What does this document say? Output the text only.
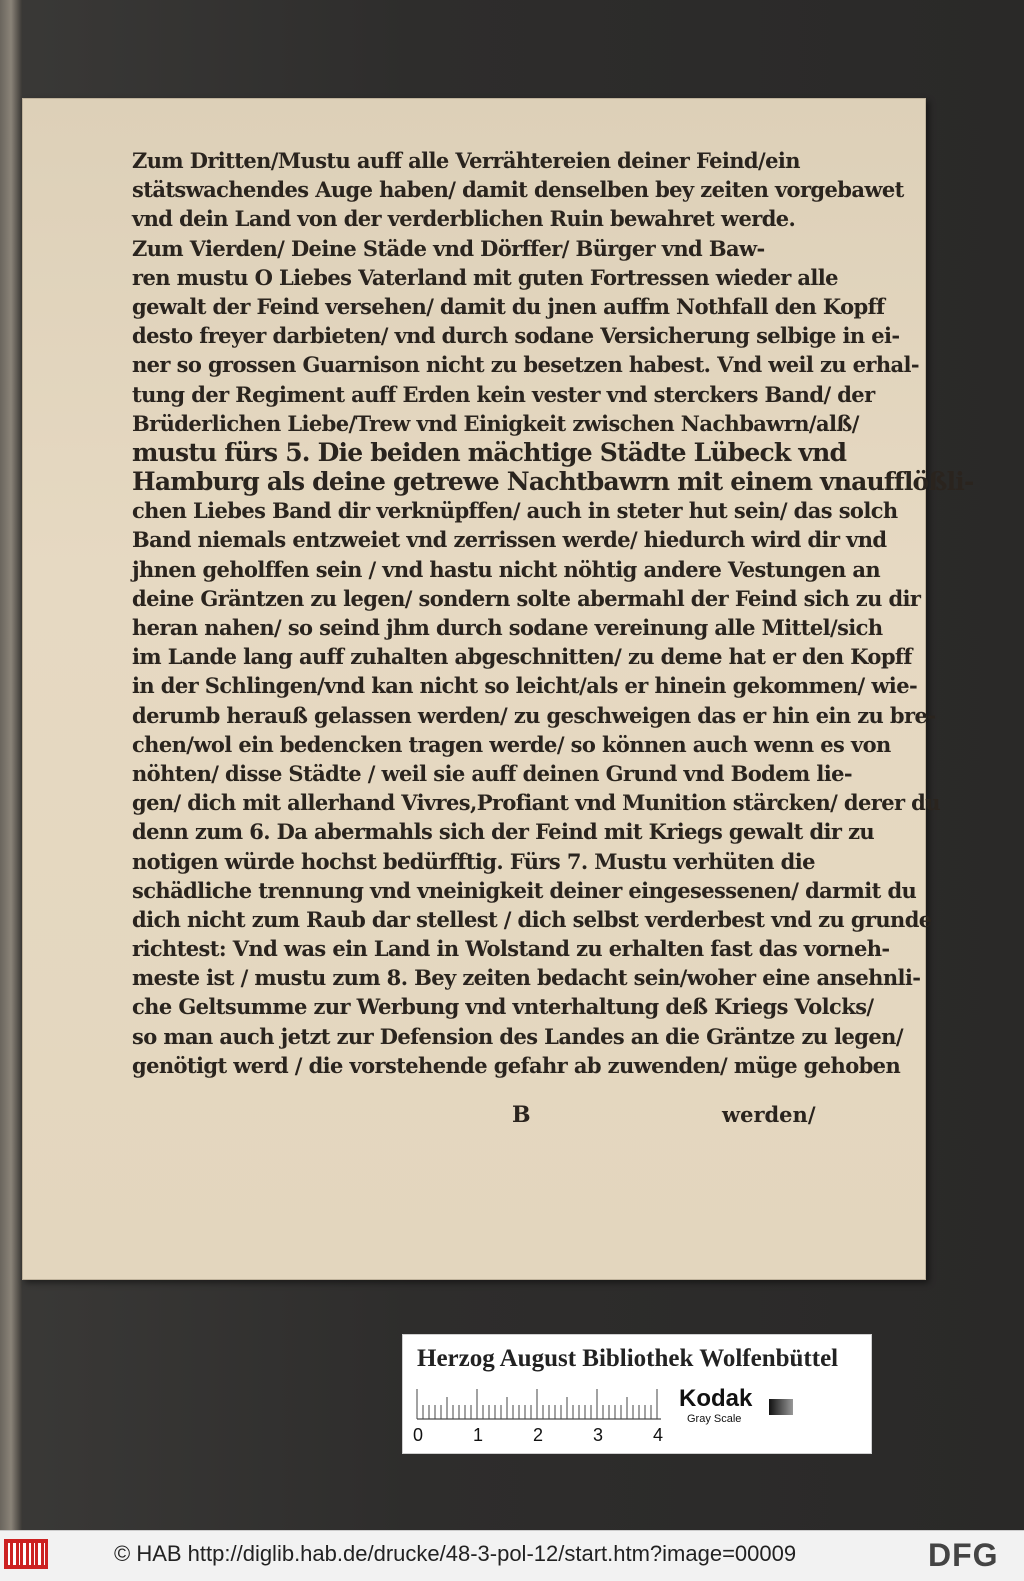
Zum Dritten/Mustu auff alle Verrähtereien deiner Feind/ein
stätswachendes Auge haben/ damit denselben bey zeiten vorgebawet
vnd dein Land von der verderblichen Ruin bewahret werde.
Zum Vierden/ Deine Städe vnd Dörffer/ Bürger vnd Baw-
ren mustu O Liebes Vaterland mit guten Fortressen wieder alle
gewalt der Feind versehen/ damit du jnen auffm Nothfall den Kopff
desto freyer darbieten/ vnd durch sodane Versicherung selbige in ei-
ner so grossen Guarnison nicht zu besetzen habest. Vnd weil zu erhal-
tung der Regiment auff Erden kein vester vnd sterckers Band/ der
Brüderlichen Liebe/Trew vnd Einigkeit zwischen Nachbawrn/alß/
mustu fürs 5. Die beiden mächtige Städte Lübeck vnd
Hamburg als deine getrewe Nachtbawrn mit einem vnaufflößli-
chen Liebes Band dir verknüpffen/ auch in steter hut sein/ das solch
Band niemals entzweiet vnd zerrissen werde/ hiedurch wird dir vnd
jhnen geholffen sein / vnd hastu nicht nöhtig andere Vestungen an
deine Gräntzen zu legen/ sondern solte abermahl der Feind sich zu dir
heran nahen/ so seind jhm durch sodane vereinung alle Mittel/sich
im Lande lang auff zuhalten abgeschnitten/ zu deme hat er den Kopff
in der Schlingen/vnd kan nicht so leicht/als er hinein gekommen/ wie-
derumb herauß gelassen werden/ zu geschweigen das er hin ein zu bre-
chen/wol ein bedencken tragen werde/ so können auch wenn es von
nöhten/ disse Städte / weil sie auff deinen Grund vnd Bodem lie-
gen/ dich mit allerhand Vivres,Profiant vnd Munition stärcken/ derer du
denn zum 6. Da abermahls sich der Feind mit Kriegs gewalt dir zu
notigen würde hochst bedürfftig. Fürs 7. Mustu verhüten die
schädliche trennung vnd vneinigkeit deiner eingesessenen/ darmit du
dich nicht zum Raub dar stellest / dich selbst verderbest vnd zu grunde
richtest: Vnd was ein Land in Wolstand zu erhalten fast das vorneh-
meste ist / mustu zum 8. Bey zeiten bedacht sein/woher eine ansehnli-
che Geltsumme zur Werbung vnd vnterhaltung deß Kriegs Volcks/
so man auch jetzt zur Defension des Landes an die Gräntze zu legen/
genötigt werd / die vorstehende gefahr ab zuwenden/ müge gehoben
B	werden/
Herzog August Bibliothek Wolfenbüttel
0	1	2	3	4
Kodak
Gray Scale
© HAB http://diglib.hab.de/drucke/48-3-pol-12/start.htm?image=00009	DFG
